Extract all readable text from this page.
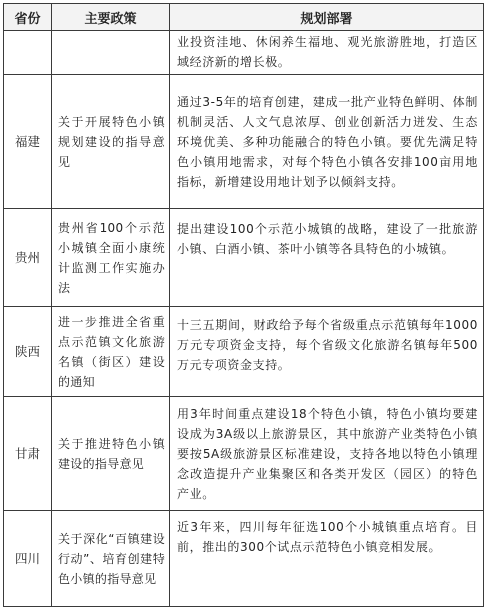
省份	主要政策	规划部署
		业投资洼地、休闲养生福地、观光旅游胜地，打造区域经济新的增长极。
福建	关于开展特色小镇规划建设的指导意见	通过3-5年的培育创建，建成一批产业特色鲜明、体制机制灵活、人文气息浓厚、创业创新活力迸发、生态环境优美、多种功能融合的特色小镇。要优先满足特色小镇用地需求，对每个特色小镇各安排100亩用地指标，新增建设用地计划予以倾斜支持。
贵州	贵州省100个示范小城镇全面小康统计监测工作实施办法	提出建设100个示范小城镇的战略，建设了一批旅游小镇、白酒小镇、茶叶小镇等各具特色的小城镇。
陕西	进一步推进全省重点示范镇文化旅游名镇（街区）建设的通知	十三五期间，财政给予每个省级重点示范镇每年1000万元专项资金支持，每个省级文化旅游名镇每年500万元专项资金支持。
甘肃	关于推进特色小镇建设的指导意见	用3年时间重点建设18个特色小镇，特色小镇均要建设成为3A级以上旅游景区，其中旅游产业类特色小镇要按5A级旅游景区标准建设，支持各地以特色小镇理念改造提升产业集聚区和各类开发区（园区）的特色产业。
四川	关于深化“百镇建设行动”、培育创建特色小镇的指导意见	近3年来，四川每年征选100个小城镇重点培育。目前，推出的300个试点示范特色小镇竞相发展。
